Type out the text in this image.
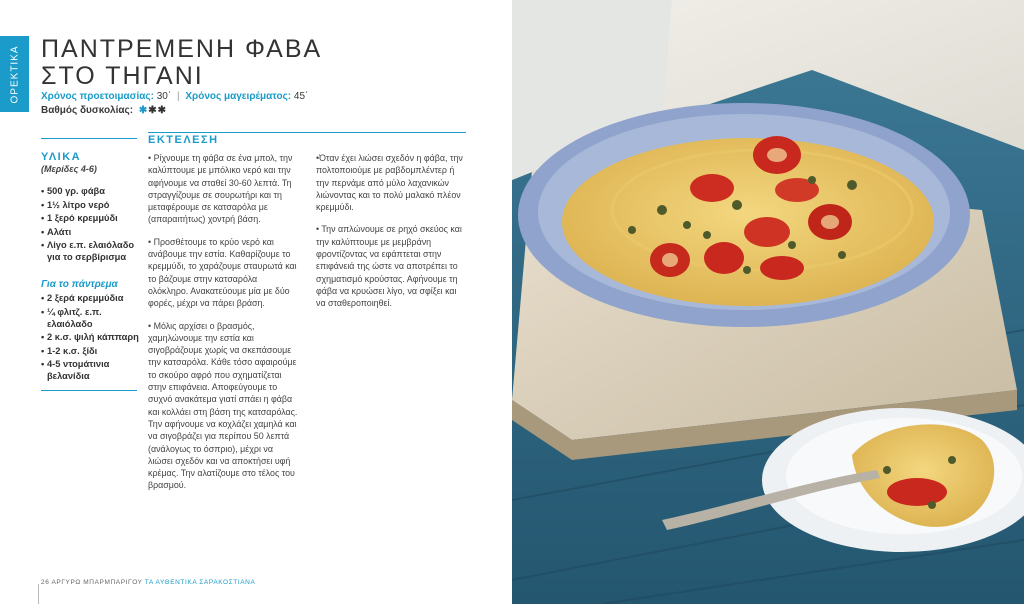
ΟΡΕΚΤΙΚΑ ΠΑΝΤΡΕΜΕΝΗ ΦΑΒΑ
ΣΤΟ ΤΗΓΑΝΙ
Χρόνος προετοιμασίας: 30΄ | Χρόνος μαγειρέματος: 45΄
Βαθμός δυσκολίας: ✱✱✱
ΥΛΙΚΑ
(Μερίδες 4-6)
• 500 γρ. φάβα
• 1½ λίτρο νερό
• 1 ξερό κρεμμύδι
• Αλάτι
• Λίγο ε.π. ελαιόλαδο για το σερβίρισμα
Για το πάντρεμα
• 2 ξερά κρεμμύδια
• ¼ φλιτζ. ε.π. ελαιόλαδο
• 2 κ.σ. ψιλή κάππαρη
• 1-2 κ.σ. ξίδι
• 4-5 ντομάτινια βελανίδια
ΕΚΤΕΛΕΣΗ

• Ρίχνουμε τη φάβα σε ένα μπολ, την καλύπτουμε με μπόλικο νερό και την αφήνουμε να σταθεί 30-60 λεπτά. Τη στραγγίζουμε σε σουρωτήρι και τη μεταφέρουμε σε κατσαρόλα με (απαραιτήτως) χοντρή βάση.

• Προσθέτουμε το κρύο νερό και ανάβουμε την εστία. Καθαρίζουμε το κρεμμύδι, το χαράζουμε σταυρωτά και το βάζουμε στην κατσαρόλα ολόκληρο. Ανακατεύουμε μία με δύο φορές, μέχρι να πάρει βράση.

• Μόλις αρχίσει ο βρασμός, χαμηλώνουμε την εστία και σιγοβράζουμε χωρίς να σκεπάσουμε την κατσαρόλα. Κάθε τόσο αφαιρούμε το σκούρο αφρό που σχηματίζεται στην επιφάνεια. Αποφεύγουμε το συχνό ανακάτεμα γιατί σπάει η φάβα και κολλάει στη βάση της κατσαρόλας. Την αφήνουμε να κοχλάζει χαμηλά και να σιγοβράζει για περίπου 50 λεπτά (ανάλογως το όσπριο), μέχρι να λιώσει σχεδόν και να αποκτήσει υφή κρέμας. Την αλατίζουμε στο τέλος του βρασμού.

•Όταν έχει λιώσει σχεδόν η φάβα, την πολτοποιούμε με ραβδομπλέντερ ή την περνάμε από μύλο λαχανικών λιώνοντας και το πολύ μαλακό πλέον κρεμμύδι.

• Την απλώνουμε σε ρηχό σκεύος και την καλύπτουμε με μεμβράνη φροντίζοντας να εφάπτεται στην επιφάνειά της ώστε να αποτρέπει το σχηματισμό κρούστας. Αφήνουμε τη φάβα να κρυώσει λίγο, να σφίξει και να σταθεροποιηθεί.

26 ΑΡΓΥΡΩ ΜΠΑΡΜΠΑΡΙΓΟΥ ΤΑ ΑΥΘΕΝΤΙΚΑ ΣΑΡΑΚΟΣΤΙΑΝΑ
